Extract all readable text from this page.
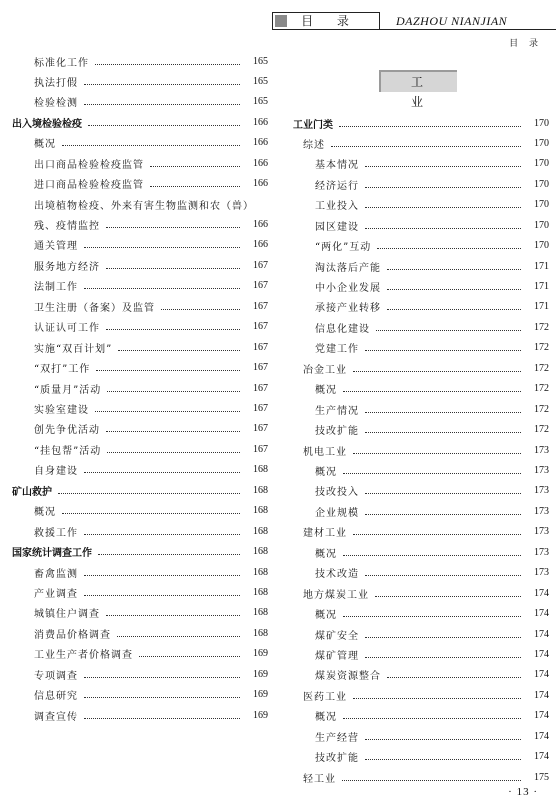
目 录	DAZHOU NIANJIAN
目 录
工 业
标准化工作	165
执法打假	165
检验检测	165
出入境检验检疫	166
概况	166
出口商品检验检疫监管	166
进口商品检验检疫监管	166
出境植物检疫、外来有害生物监测和农（兽）
残、疫情监控	166
通关管理	166
服务地方经济	167
法制工作	167
卫生注册（备案）及监管	167
认证认可工作	167
实施“双百计划”	167
“双打”工作	167
“质量月”活动	167
实验室建设	167
创先争优活动	167
“挂包帮”活动	167
自身建设	168
矿山救护	168
概况	168
救援工作	168
国家统计调查工作	168
畜禽监测	168
产业调查	168
城镇住户调查	168
消费品价格调查	168
工业生产者价格调查	169
专项调查	169
信息研究	169
调查宣传	169
工业门类	170
综述	170
基本情况	170
经济运行	170
工业投入	170
园区建设	170
“两化”互动	170
淘汰落后产能	171
中小企业发展	171
承接产业转移	171
信息化建设	172
党建工作	172
冶金工业	172
概况	172
生产情况	172
技改扩能	172
机电工业	173
概况	173
技改投入	173
企业规模	173
建材工业	173
概况	173
技术改造	173
地方煤炭工业	174
概况	174
煤矿安全	174
煤矿管理	174
煤炭资源整合	174
医药工业	174
概况	174
生产经营	174
技改扩能	174
轻工业	175
· 13 ·
